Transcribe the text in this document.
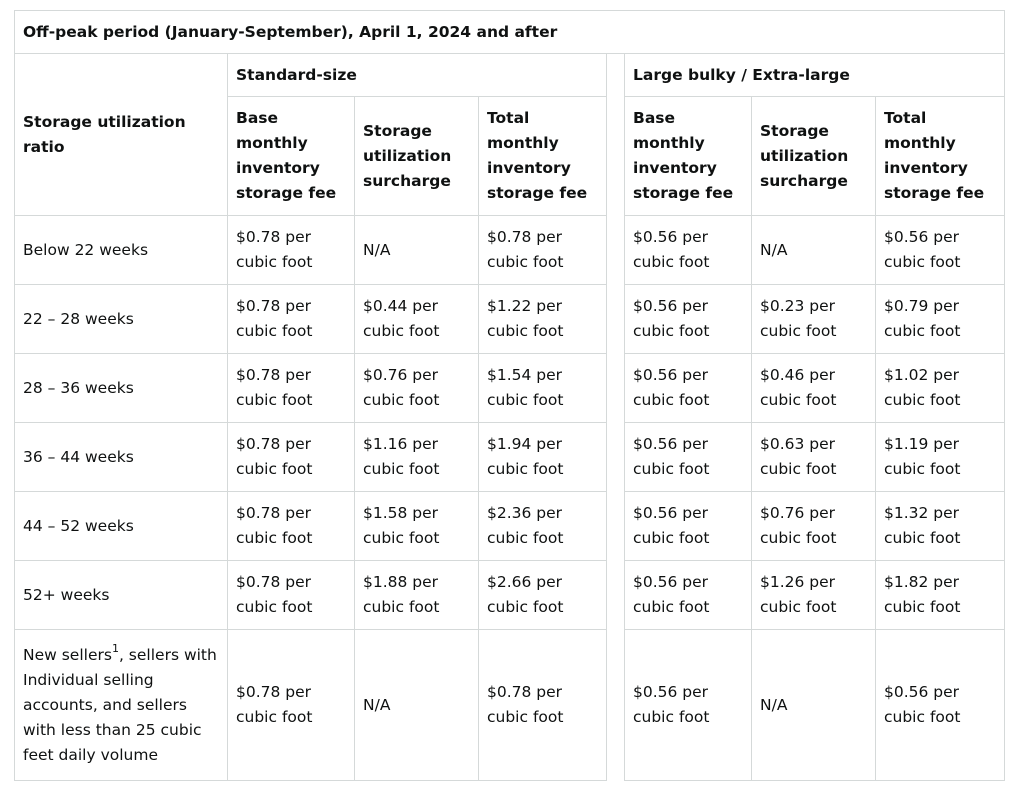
Off-peak period (January-September), April 1, 2024 and after							
Storage utilization ratio	Standard-size				Large bulky / Extra-large		
	Base monthly inventory storage fee	Storage utilization surcharge	Total monthly inventory storage fee		Base monthly inventory storage fee	Storage utilization surcharge	Total monthly inventory storage fee
Below 22 weeks	$0.78 per cubic foot	N/A	$0.78 per cubic foot		$0.56 per cubic foot	N/A	$0.56 per cubic foot
22 – 28 weeks	$0.78 per cubic foot	$0.44 per cubic foot	$1.22 per cubic foot		$0.56 per cubic foot	$0.23 per cubic foot	$0.79 per cubic foot
28 – 36 weeks	$0.78 per cubic foot	$0.76 per cubic foot	$1.54 per cubic foot		$0.56 per cubic foot	$0.46 per cubic foot	$1.02 per cubic foot
36 – 44 weeks	$0.78 per cubic foot	$1.16 per cubic foot	$1.94 per cubic foot		$0.56 per cubic foot	$0.63 per cubic foot	$1.19 per cubic foot
44 – 52 weeks	$0.78 per cubic foot	$1.58 per cubic foot	$2.36 per cubic foot		$0.56 per cubic foot	$0.76 per cubic foot	$1.32 per cubic foot
52+ weeks	$0.78 per cubic foot	$1.88 per cubic foot	$2.66 per cubic foot		$0.56 per cubic foot	$1.26 per cubic foot	$1.82 per cubic foot
New sellers$^1$, sellers with Individual selling accounts, and sellers with less than 25 cubic feet daily volume	$0.78 per cubic foot	N/A	$0.78 per cubic foot		$0.56 per cubic foot	N/A	$0.56 per cubic foot
